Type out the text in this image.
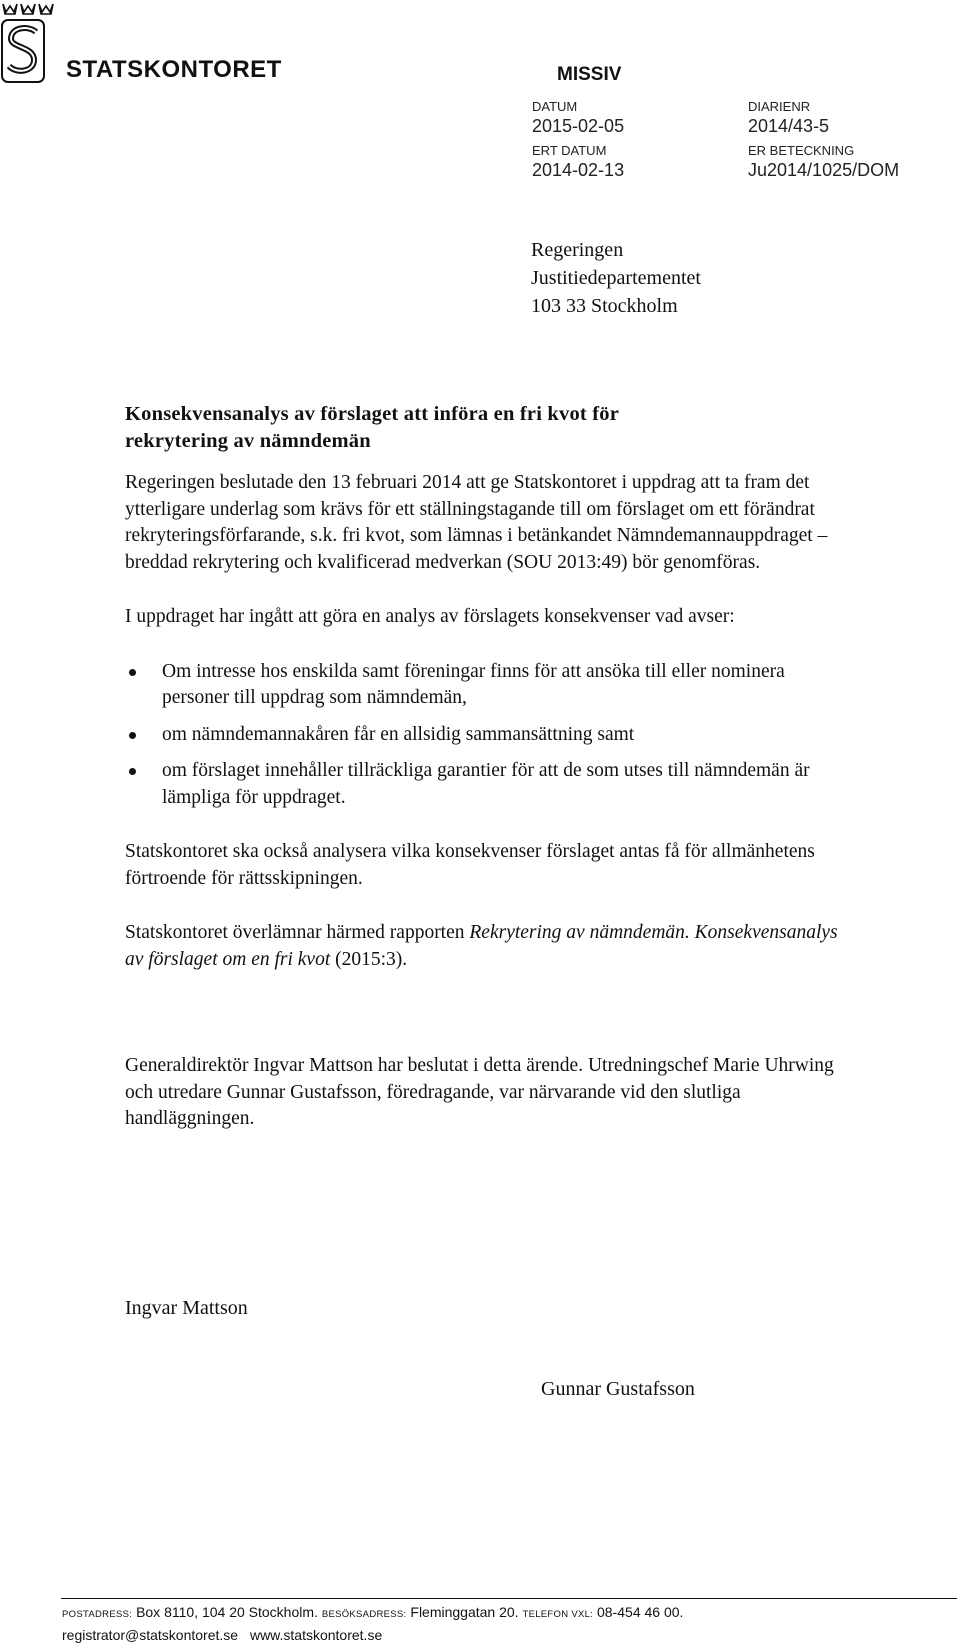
STATSKONTORET	MISSIV
DATUM
2015-02-05
ERT DATUM
2014-02-13
DIARIENR
2014/43-5
ER BETECKNING
Ju2014/1025/DOM
Regeringen
Justitiedepartementet
103 33 Stockholm
Konsekvensanalys av förslaget att införa en fri kvot för
rekrytering av nämndemän

Regeringen beslutade den 13 februari 2014 att ge Statskontoret i uppdrag att ta fram det ytterligare underlag som krävs för ett ställningstagande till om förslaget om ett förändrat rekryteringsförfarande, s.k. fri kvot, som lämnas i betänkandet Nämndemannauppdraget – breddad rekrytering och kvalificerad medverkan (SOU 2013:49) bör genomföras.

I uppdraget har ingått att göra en analys av förslagets konsekvenser vad avser:

Om intresse hos enskilda samt föreningar finns för att ansöka till eller nominera personer till uppdrag som nämndemän,
om nämndemannakåren får en allsidig sammansättning samt
om förslaget innehåller tillräckliga garantier för att de som utses till nämndemän är lämpliga för uppdraget.

Statskontoret ska också analysera vilka konsekvenser förslaget antas få för allmänhetens förtroende för rättsskipningen.

Statskontoret överlämnar härmed rapporten Rekrytering av nämndemän. Konsekvensanalys av förslaget om en fri kvot (2015:3).

Generaldirektör Ingvar Mattson har beslutat i detta ärende. Utredningschef Marie Uhrwing och utredare Gunnar Gustafsson, föredragande, var närvarande vid den slutliga handläggningen.

Ingvar Mattson
Gunnar Gustafsson
POSTADRESS: Box 8110, 104 20 Stockholm. BESÖKSADRESS: Fleminggatan 20. TELEFON VXL: 08-454 46 00.
registrator@statskontoret.se www.statskontoret.se
